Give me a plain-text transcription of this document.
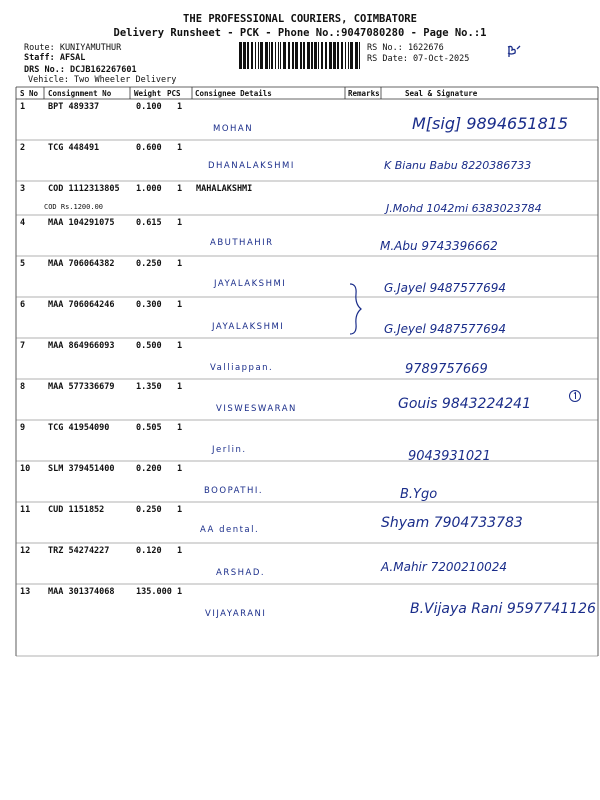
THE PROFESSIONAL COURIERS, COIMBATORE
Delivery Runsheet - PCK - Phone No.:9047080280 - Page No.:1
Route: KUNIYAMUTHUR
Staff: AFSAL
DRS No.: DCJB162267601
Vehicle: Two Wheeler Delivery
RS No.: 1622676
RS Date: 07-Oct-2025
S No Consignment No	Weight PCS Consignee Details	Remarks	Seal & Signature
1	BPT 489337	0.100 1
MOHAN	M[sig] 9894651815
2	TCG 448491	0.600 1
DHANALAKSHMI	K Bianu Babu 8220386733
3	COD 1112313805 1.000 1 MAHALAKSHMI
COD Rs.1200.00	J.Mohd 1042mi 6383023784
4	MAA 104291075	0.615 1
ABUTHAHIR	M.Abu 9743396662
5	MAA 706064382	0.250 1
JAYALAKSHMI	G.Jayel 9487577694
6	MAA 706064246	0.300 1
JAYALAKSHMI	G.Jeyel 9487577694
7	MAA 864966093	0.500 1
Valliappan.	9789757669
8	MAA 577336679	1.350 1
VISWESWARAN	Gouis 9843224241
9	TCG 41954090	0.505 1
Jerlin.	9043931021
10 SLM 379451400	0.200 1
BOOPATHI.	B.Ygo
11 CUD 1151852	0.250 1
AA dental.	Shyam 7904733783
12 TRZ 54274227	0.120 1
ARSHAD.	A.Mahir 7200210024
13 MAA 301374068	135.000 1
VIJAYARANI	B.Vijaya Rani 9597741126
